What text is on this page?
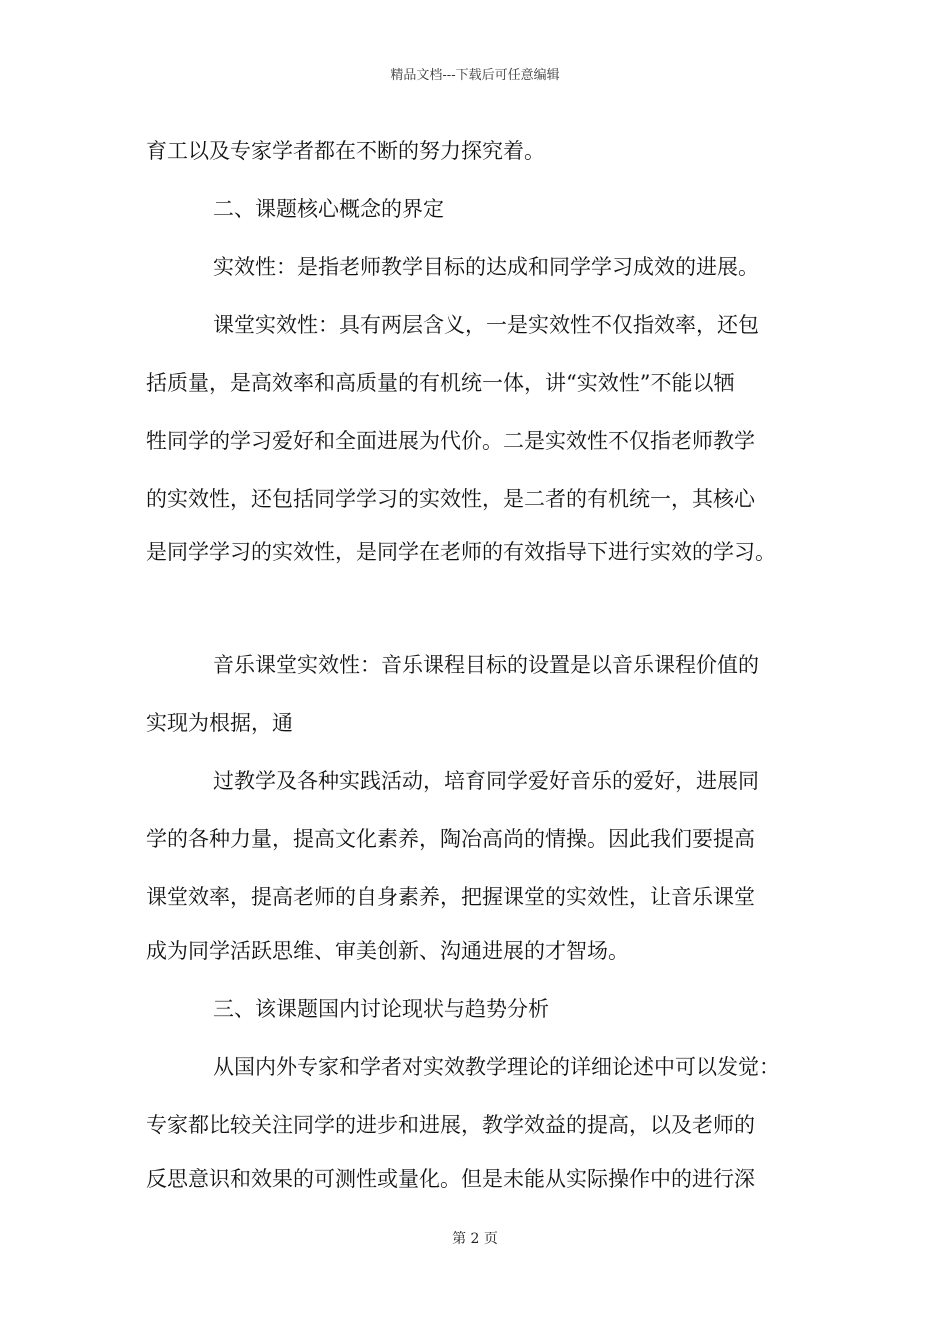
精品文档---下载后可任意编辑
育工以及专家学者都在不断的努力探究着。
二、课题核心概念的界定
实效性：是指老师教学目标的达成和同学学习成效的进展。
课堂实效性：具有两层含义，一是实效性不仅指效率，还包
括质量，是高效率和高质量的有机统一体，讲“实效性”不能以牺
牲同学的学习爱好和全面进展为代价。二是实效性不仅指老师教学
的实效性，还包括同学学习的实效性，是二者的有机统一，其核心
是同学学习的实效性，是同学在老师的有效指导下进行实效的学习。
音乐课堂实效性：音乐课程目标的设置是以音乐课程价值的
实现为根据，通
过教学及各种实践活动，培育同学爱好音乐的爱好，进展同
学的各种力量，提高文化素养，陶冶高尚的情操。因此我们要提高
课堂效率，提高老师的自身素养，把握课堂的实效性，让音乐课堂
成为同学活跃思维、审美创新、沟通进展的才智场。
三、该课题国内讨论现状与趋势分析
从国内外专家和学者对实效教学理论的详细论述中可以发觉：
专家都比较关注同学的进步和进展，教学效益的提高，以及老师的
反思意识和效果的可测性或量化。但是未能从实际操作中的进行深
第 2 页
